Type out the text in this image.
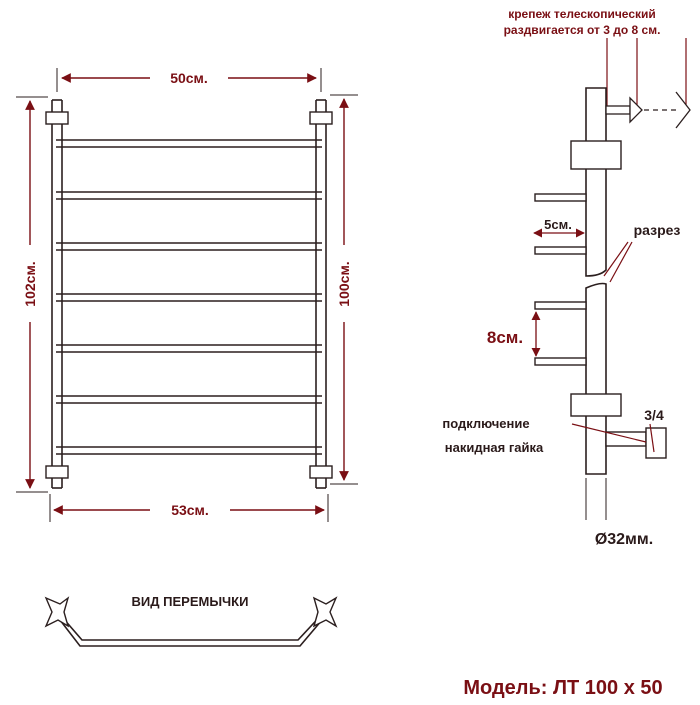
50см.
53см.
102см.	100см.
крепеж телескопический
раздвигается от 3 до 8 см.
5см.	разрез
8см.
3/4
подключение
накидная гайка
Ø32мм.
ВИД ПЕРЕМЫЧКИ
Модель: ЛТ 100 х 50
